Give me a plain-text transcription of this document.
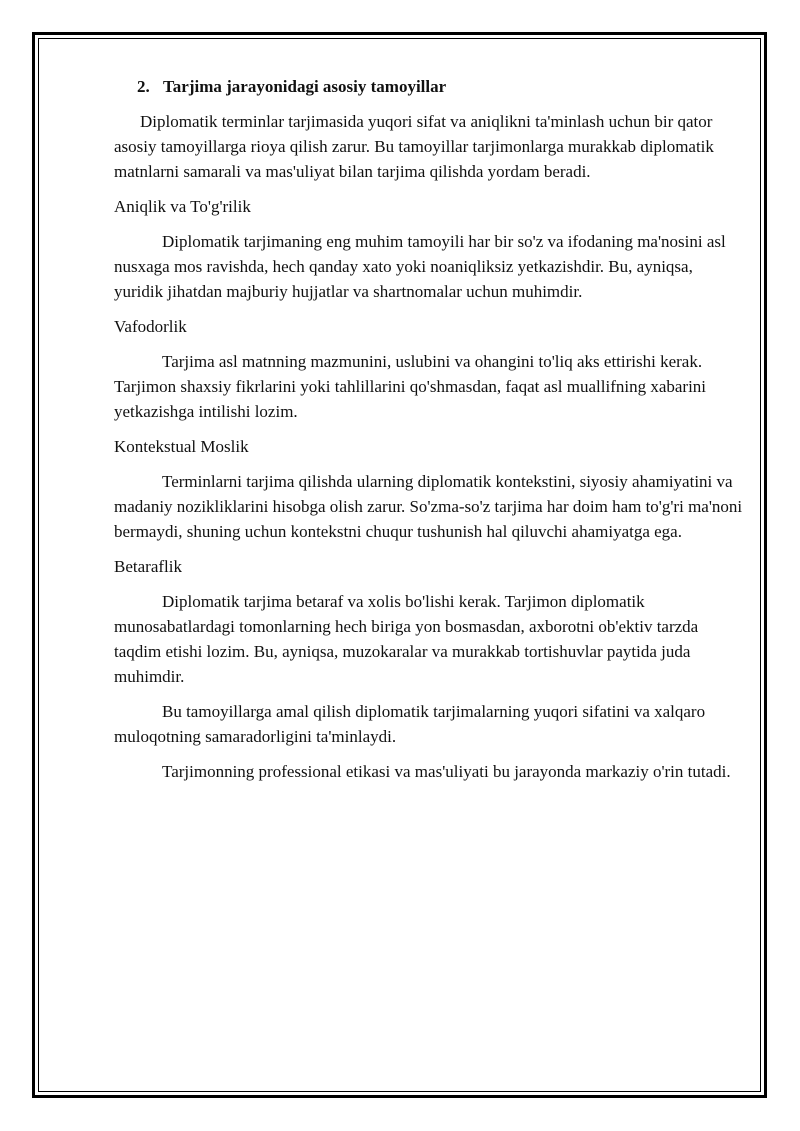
2. Tarjima jarayonidagi asosiy tamoyillar

Diplomatik terminlar tarjimasida yuqori sifat va aniqlikni ta'minlash uchun bir qator asosiy tamoyillarga rioya qilish zarur. Bu tamoyillar tarjimonlarga murakkab diplomatik matnlarni samarali va mas'uliyat bilan tarjima qilishda yordam beradi.

Aniqlik va To'g'rilik

Diplomatik tarjimaning eng muhim tamoyili har bir so'z va ifodaning ma'nosini asl nusxaga mos ravishda, hech qanday xato yoki noaniqliksiz yetkazishdir. Bu, ayniqsa, yuridik jihatdan majburiy hujjatlar va shartnomalar uchun muhimdir.

Vafodorlik

Tarjima asl matnning mazmunini, uslubini va ohangini to'liq aks ettirishi kerak. Tarjimon shaxsiy fikrlarini yoki tahlillarini qo'shmasdan, faqat asl muallifning xabarini yetkazishga intilishi lozim.

Kontekstual Moslik

Terminlarni tarjima qilishda ularning diplomatik kontekstini, siyosiy ahamiyatini va madaniy nozikliklarini hisobga olish zarur. So'zma-so'z tarjima har doim ham to'g'ri ma'noni bermaydi, shuning uchun kontekstni chuqur tushunish hal qiluvchi ahamiyatga ega.

Betaraflik

Diplomatik tarjima betaraf va xolis bo'lishi kerak. Tarjimon diplomatik munosabatlardagi tomonlarning hech biriga yon bosmasdan, axborotni ob'ektiv tarzda taqdim etishi lozim. Bu, ayniqsa, muzokaralar va murakkab tortishuvlar paytida juda muhimdir.

Bu tamoyillarga amal qilish diplomatik tarjimalarning yuqori sifatini va xalqaro muloqotning samaradorligini ta'minlaydi.

Tarjimonning professional etikasi va mas'uliyati bu jarayonda markaziy o'rin tutadi.
